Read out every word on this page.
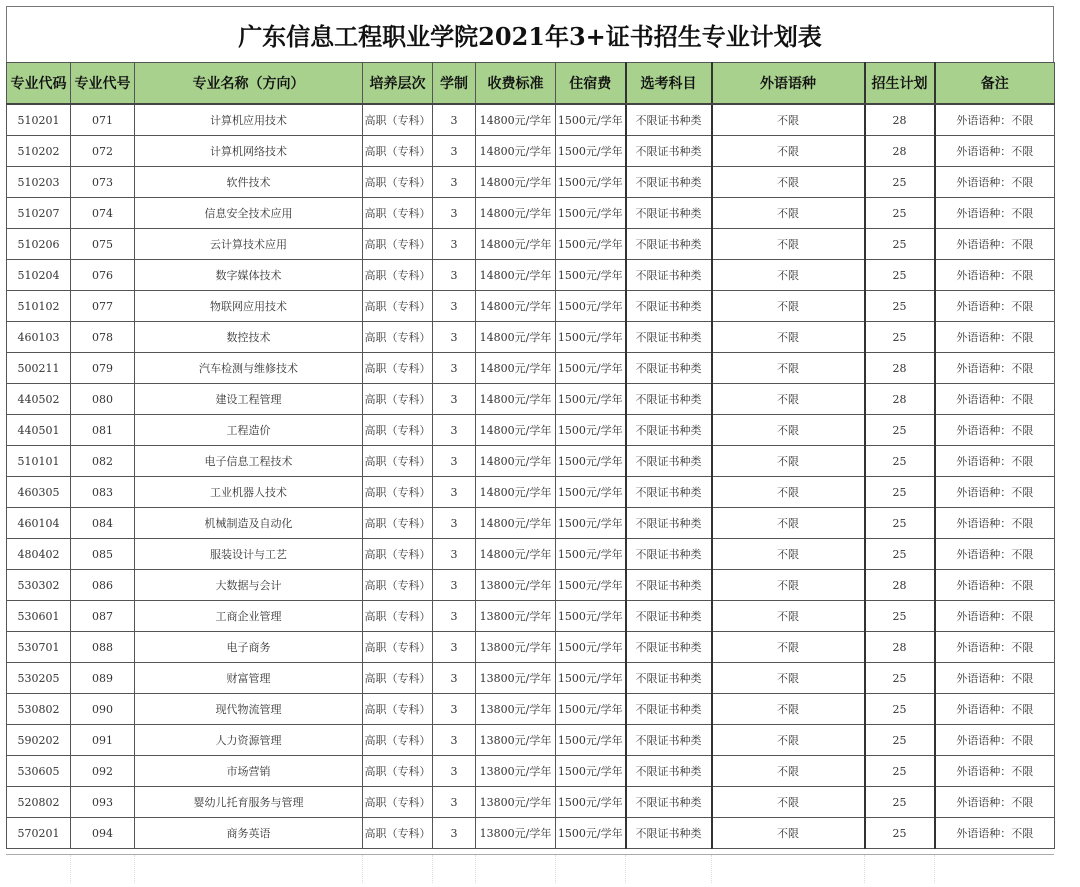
广东信息工程职业学院2021年3+证书招生专业计划表
专业代码	专业代号	专业名称（方向）	培养层次	学制	收费标准	住宿费	选考科目	外语语种	招生计划	备注
510201	071	计算机应用技术	高职（专科）	3	14800元/学年	1500元/学年	不限证书种类	不限	28	外语语种：不限
510202	072	计算机网络技术	高职（专科）	3	14800元/学年	1500元/学年	不限证书种类	不限	28	外语语种：不限
510203	073	软件技术	高职（专科）	3	14800元/学年	1500元/学年	不限证书种类	不限	25	外语语种：不限
510207	074	信息安全技术应用	高职（专科）	3	14800元/学年	1500元/学年	不限证书种类	不限	25	外语语种：不限
510206	075	云计算技术应用	高职（专科）	3	14800元/学年	1500元/学年	不限证书种类	不限	25	外语语种：不限
510204	076	数字媒体技术	高职（专科）	3	14800元/学年	1500元/学年	不限证书种类	不限	25	外语语种：不限
510102	077	物联网应用技术	高职（专科）	3	14800元/学年	1500元/学年	不限证书种类	不限	25	外语语种：不限
460103	078	数控技术	高职（专科）	3	14800元/学年	1500元/学年	不限证书种类	不限	25	外语语种：不限
500211	079	汽车检测与维修技术	高职（专科）	3	14800元/学年	1500元/学年	不限证书种类	不限	28	外语语种：不限
440502	080	建设工程管理	高职（专科）	3	14800元/学年	1500元/学年	不限证书种类	不限	28	外语语种：不限
440501	081	工程造价	高职（专科）	3	14800元/学年	1500元/学年	不限证书种类	不限	25	外语语种：不限
510101	082	电子信息工程技术	高职（专科）	3	14800元/学年	1500元/学年	不限证书种类	不限	25	外语语种：不限
460305	083	工业机器人技术	高职（专科）	3	14800元/学年	1500元/学年	不限证书种类	不限	25	外语语种：不限
460104	084	机械制造及自动化	高职（专科）	3	14800元/学年	1500元/学年	不限证书种类	不限	25	外语语种：不限
480402	085	服装设计与工艺	高职（专科）	3	14800元/学年	1500元/学年	不限证书种类	不限	25	外语语种：不限
530302	086	大数据与会计	高职（专科）	3	13800元/学年	1500元/学年	不限证书种类	不限	28	外语语种：不限
530601	087	工商企业管理	高职（专科）	3	13800元/学年	1500元/学年	不限证书种类	不限	25	外语语种：不限
530701	088	电子商务	高职（专科）	3	13800元/学年	1500元/学年	不限证书种类	不限	28	外语语种：不限
530205	089	财富管理	高职（专科）	3	13800元/学年	1500元/学年	不限证书种类	不限	25	外语语种：不限
530802	090	现代物流管理	高职（专科）	3	13800元/学年	1500元/学年	不限证书种类	不限	25	外语语种：不限
590202	091	人力资源管理	高职（专科）	3	13800元/学年	1500元/学年	不限证书种类	不限	25	外语语种：不限
530605	092	市场营销	高职（专科）	3	13800元/学年	1500元/学年	不限证书种类	不限	25	外语语种：不限
520802	093	婴幼儿托育服务与管理	高职（专科）	3	13800元/学年	1500元/学年	不限证书种类	不限	25	外语语种：不限
570201	094	商务英语	高职（专科）	3	13800元/学年	1500元/学年	不限证书种类	不限	25	外语语种：不限
